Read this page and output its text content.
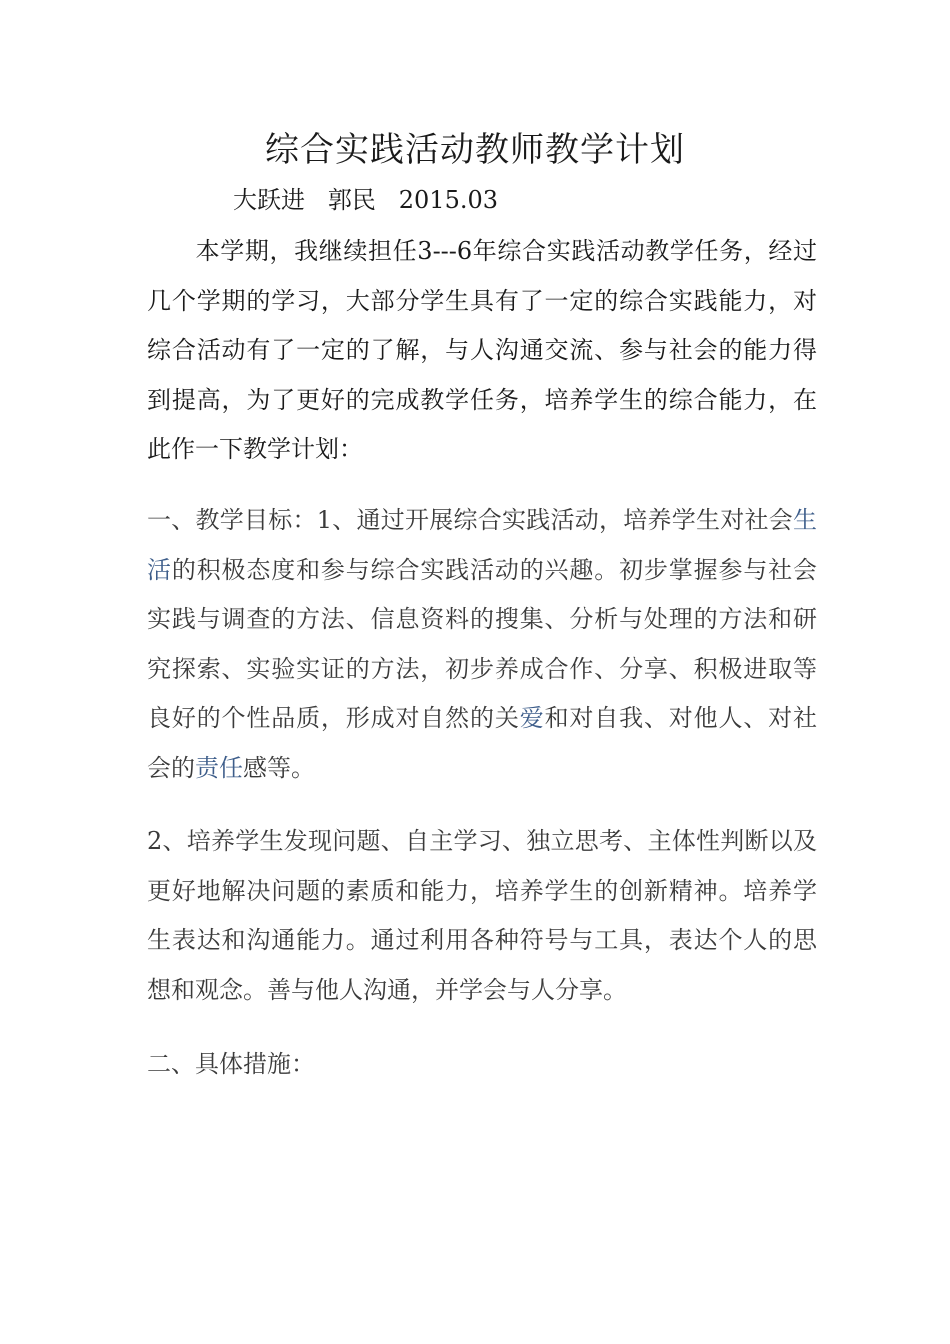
综合实践活动教师教学计划
大跃进   郭民   2015.03

本学期，我继续担任3---6年综合实践活动教学任务，经过几个学期的学习，大部分学生具有了一定的综合实践能力，对综合活动有了一定的了解，与人沟通交流、参与社会的能力得到提高，为了更好的完成教学任务，培养学生的综合能力，在此作一下教学计划：

一、教学目标：1、通过开展综合实践活动，培养学生对社会生活的积极态度和参与综合实践活动的兴趣。初步掌握参与社会实践与调查的方法、信息资料的搜集、分析与处理的方法和研究探索、实验实证的方法，初步养成合作、分享、积极进取等良好的个性品质，形成对自然的关爱和对自我、对他人、对社会的责任感等。

2、培养学生发现问题、自主学习、独立思考、主体性判断以及更好地解决问题的素质和能力，培养学生的创新精神。培养学生表达和沟通能力。通过利用各种符号与工具，表达个人的思想和观念。善与他人沟通，并学会与人分享。

二、具体措施：
